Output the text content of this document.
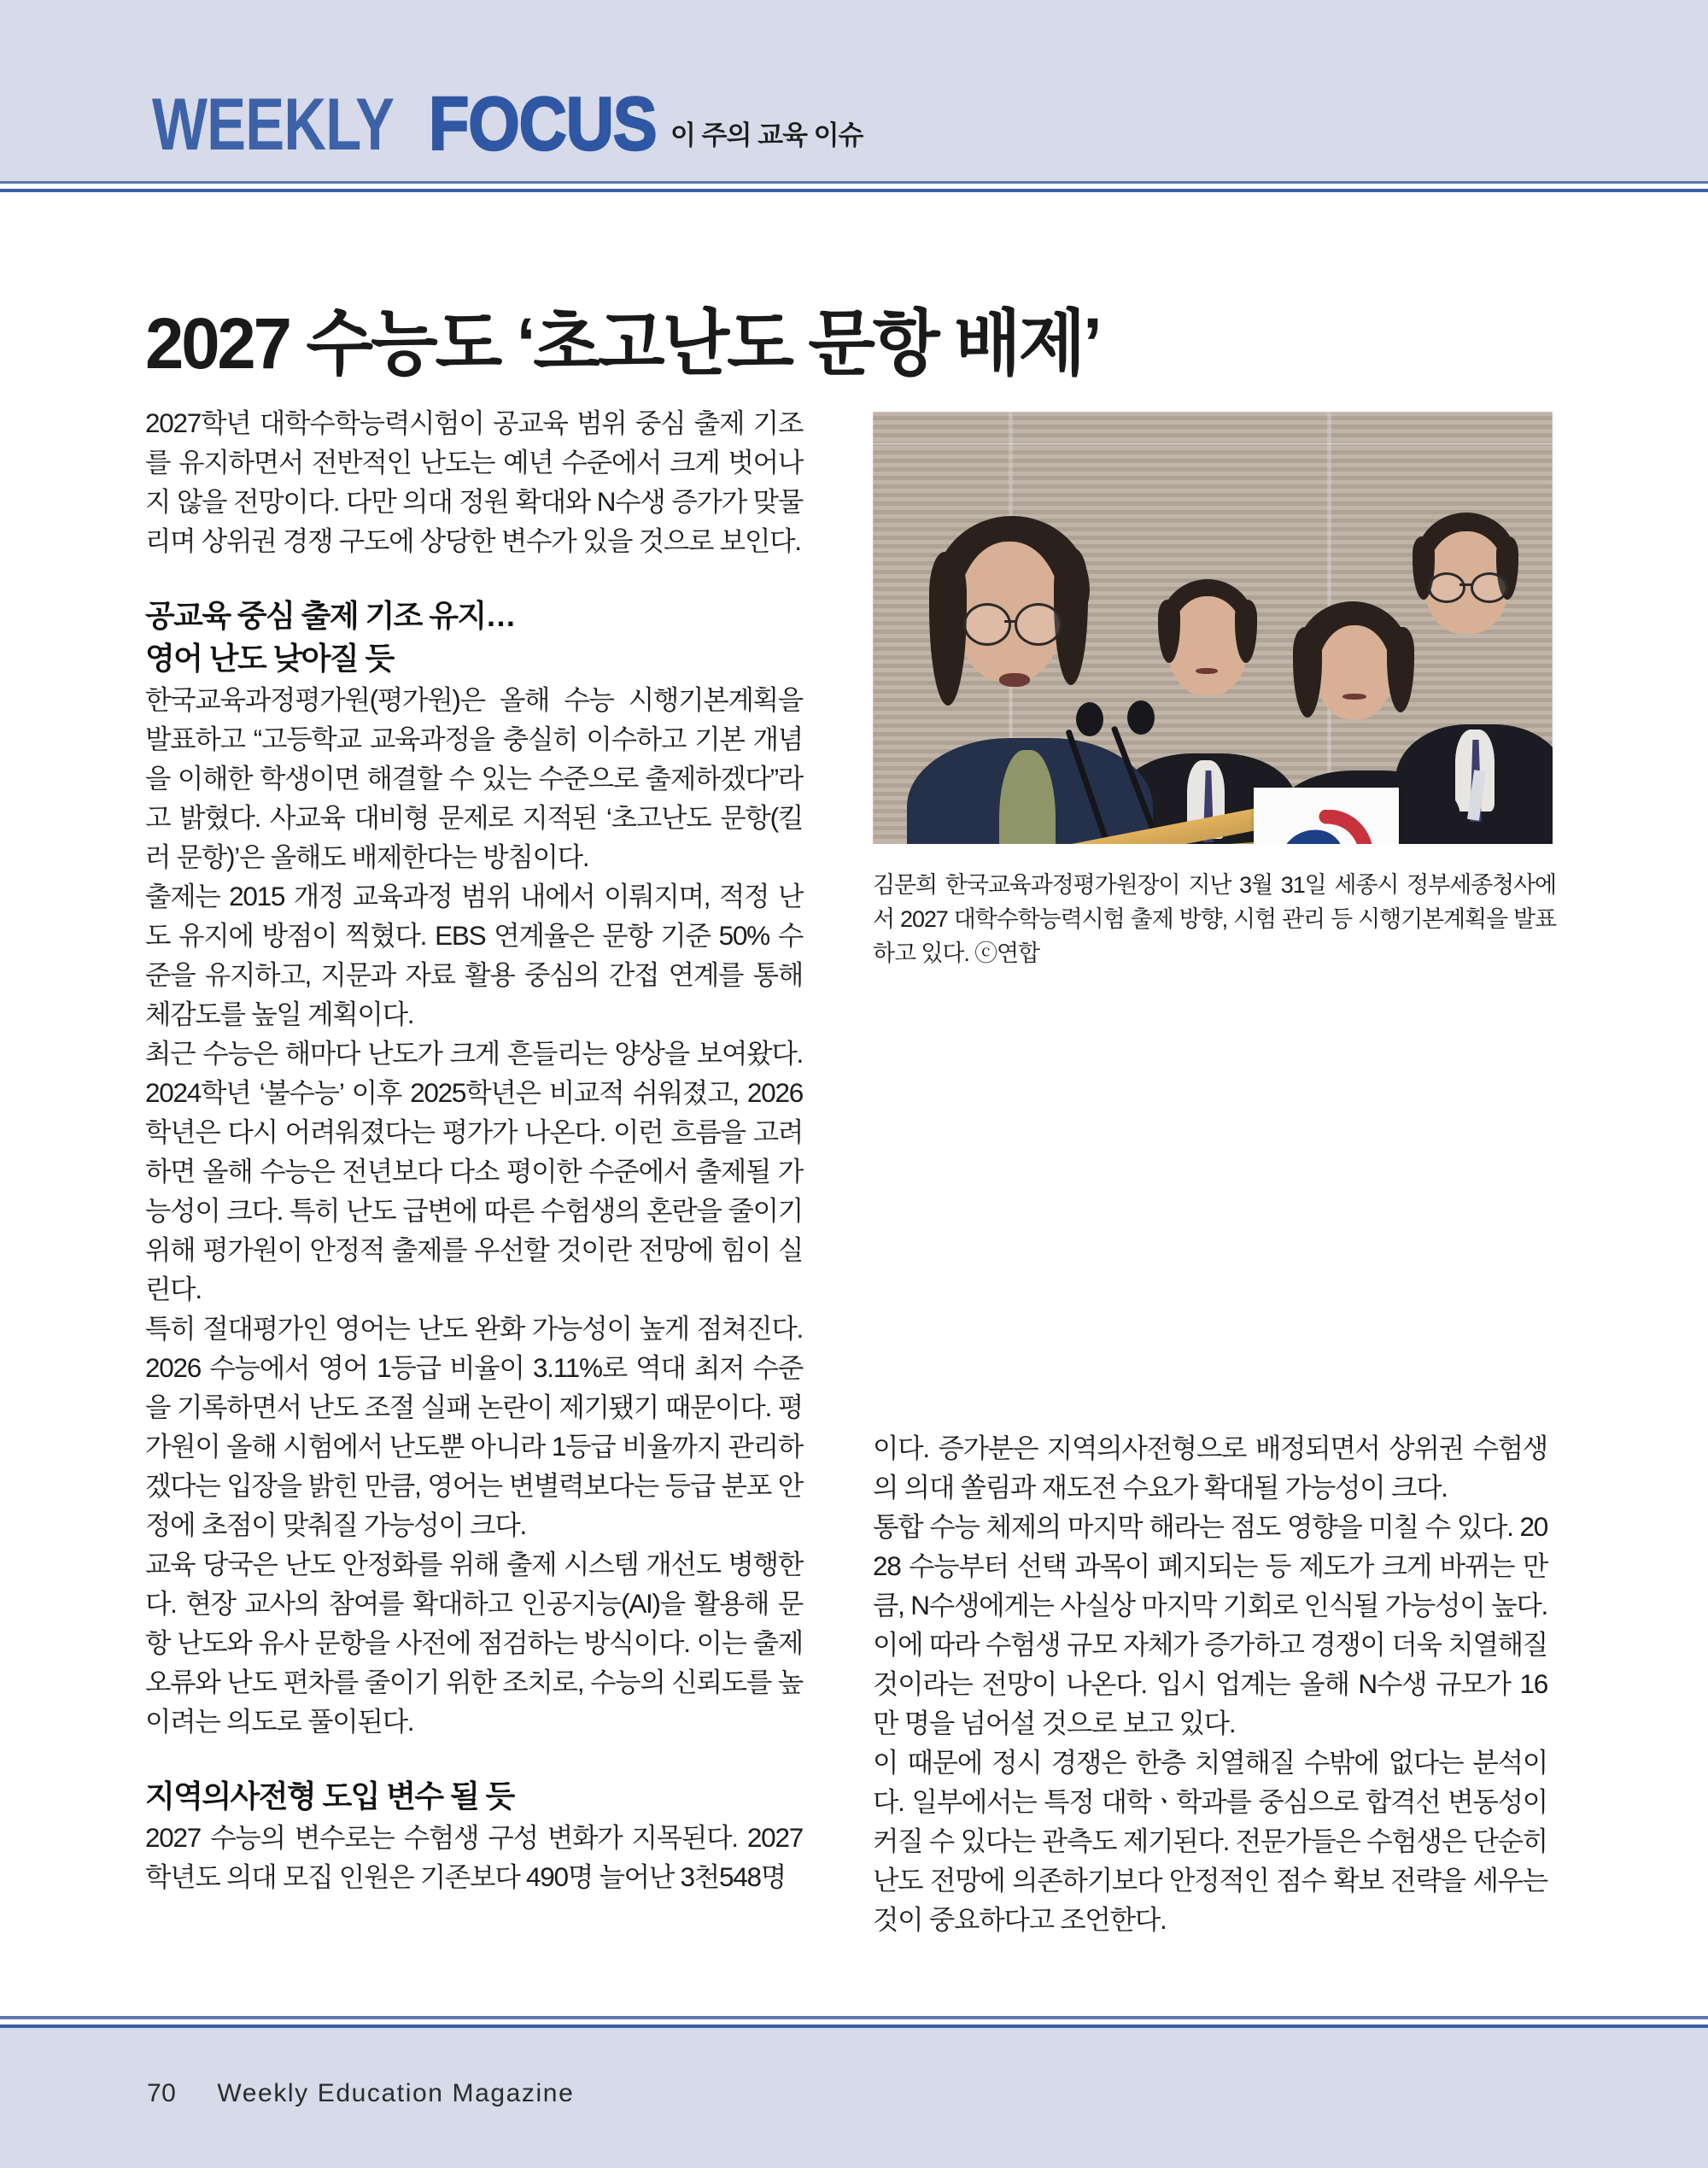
WEEKLY FOCUS 이 주의 교육 이슈
2027 수능도 ‘초고난도 문항 배제’

2027학년 대학수학능력시험이 공교육 범위 중심 출제 기조를 유지하면서 전반적인 난도는 예년 수준에서 크게 벗어나지 않을 전망이다. 다만 의대 정원 확대와 N수생 증가가 맞물리며 상위권 경쟁 구도에 상당한 변수가 있을 것으로 보인다.

공교육 중심 출제 기조 유지…
영어 난도 낮아질 듯

한국교육과정평가원(평가원)은 올해 수능 시행기본계획을 발표하고 “고등학교 교육과정을 충실히 이수하고 기본 개념을 이해한 학생이면 해결할 수 있는 수준으로 출제하겠다”라고 밝혔다. 사교육 대비형 문제로 지적된 ‘초고난도 문항(킬러 문항)’은 올해도 배제한다는 방침이다.

출제는 2015 개정 교육과정 범위 내에서 이뤄지며, 적정 난도 유지에 방점이 찍혔다. EBS 연계율은 문항 기준 50% 수준을 유지하고, 지문과 자료 활용 중심의 간접 연계를 통해 체감도를 높일 계획이다.

최근 수능은 해마다 난도가 크게 흔들리는 양상을 보여왔다. 2024학년 ‘불수능’ 이후 2025학년은 비교적 쉬워졌고, 2026학년은 다시 어려워졌다는 평가가 나온다. 이런 흐름을 고려하면 올해 수능은 전년보다 다소 평이한 수준에서 출제될 가능성이 크다. 특히 난도 급변에 따른 수험생의 혼란을 줄이기 위해 평가원이 안정적 출제를 우선할 것이란 전망에 힘이 실린다.

특히 절대평가인 영어는 난도 완화 가능성이 높게 점쳐진다. 2026 수능에서 영어 1등급 비율이 3.11%로 역대 최저 수준을 기록하면서 난도 조절 실패 논란이 제기됐기 때문이다. 평가원이 올해 시험에서 난도뿐 아니라 1등급 비율까지 관리하겠다는 입장을 밝힌 만큼, 영어는 변별력보다는 등급 분포 안정에 초점이 맞춰질 가능성이 크다.

교육 당국은 난도 안정화를 위해 출제 시스템 개선도 병행한다. 현장 교사의 참여를 확대하고 인공지능(AI)을 활용해 문항 난도와 유사 문항을 사전에 점검하는 방식이다. 이는 출제 오류와 난도 편차를 줄이기 위한 조치로, 수능의 신뢰도를 높이려는 의도로 풀이된다.

지역의사전형 도입 변수 될 듯

2027 수능의 변수로는 수험생 구성 변화가 지목된다. 2027학년도 의대 모집 인원은 기존보다 490명 늘어난 3천548명

김문희 한국교육과정평가원장이 지난 3월 31일 세종시 정부세종청사에서 2027 대학수학능력시험 출제 방향, 시험 관리 등 시행기본계획을 발표하고 있다. ⓒ연합

이다. 증가분은 지역의사전형으로 배정되면서 상위권 수험생의 의대 쏠림과 재도전 수요가 확대될 가능성이 크다.

통합 수능 체제의 마지막 해라는 점도 영향을 미칠 수 있다. 2028 수능부터 선택 과목이 폐지되는 등 제도가 크게 바뀌는 만큼, N수생에게는 사실상 마지막 기회로 인식될 가능성이 높다. 이에 따라 수험생 규모 자체가 증가하고 경쟁이 더욱 치열해질 것이라는 전망이 나온다. 입시 업계는 올해 N수생 규모가 16만 명을 넘어설 것으로 보고 있다.

이 때문에 정시 경쟁은 한층 치열해질 수밖에 없다는 분석이다. 일부에서는 특정 대학ㆍ학과를 중심으로 합격선 변동성이 커질 수 있다는 관측도 제기된다. 전문가들은 수험생은 단순히 난도 전망에 의존하기보다 안정적인 점수 확보 전략을 세우는 것이 중요하다고 조언한다.

70 Weekly Education Magazine
